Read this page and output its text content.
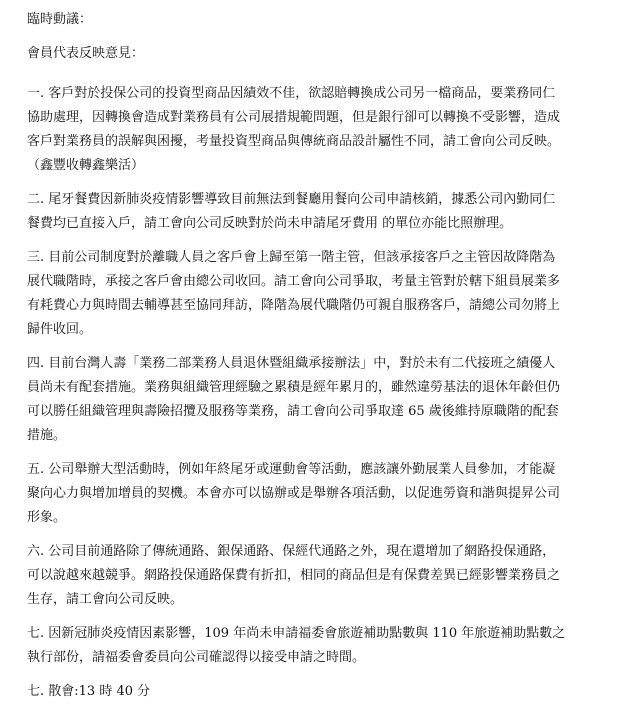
臨時動議：

會員代表反映意見：

一. 客戶對於投保公司的投資型商品因績效不佳，欲認賠轉換成公司另一檔商品，要業務同仁

協助處理，因轉換會造成對業務員有公司展措規範問題，但是銀行卻可以轉換不受影響，造成

客戶對業務員的誤解與困擾，考量投資型商品與傳統商品設計屬性不同，請工會向公司反映。

（鑫豐收轉鑫樂活）

二. 尾牙餐費因新肺炎疫情影響導致目前無法到餐廳用餐向公司申請核銷，據悉公司內勤同仁

餐費均已直接入戶，請工會向公司反映對於尚未申請尾牙費用 的單位亦能比照辦理。

三. 目前公司制度對於離職人員之客戶會上歸至第一階主管，但該承接客戶之主管因故降階為

展代職階時，承接之客戶會由總公司收回。請工會向公司爭取，考量主管對於轄下組員展業多

有耗費心力與時間去輔導甚至協同拜訪，降階為展代職階仍可親自服務客戶，請總公司勿將上

歸件收回。

四. 目前台灣人壽「業務二部業務人員退休暨組織承接辦法」中，對於未有二代接班之績優人

員尚未有配套措施。業務與組織管理經驗之累積是經年累月的，雖然違勞基法的退休年齡但仍

可以勝任組織管理與壽險招攬及服務等業務，請工會向公司爭取達 65 歲後維持原職階的配套

措施。

五. 公司舉辦大型活動時，例如年終尾牙或運動會等活動，應該讓外勤展業人員參加，才能凝

聚向心力與增加增員的契機。本會亦可以協辦或是舉辦各項活動，以促進勞資和諧與提昇公司

形象。

六. 公司目前通路除了傳統通路、銀保通路、保經代通路之外，現在還增加了網路投保通路，

可以說越來越競爭。網路投保通路保費有折扣，相同的商品但是有保費差異已經影響業務員之

生存，請工會向公司反映。

七. 因新冠肺炎疫情因素影響，109 年尚未申請福委會旅遊補助點數與 110 年旅遊補助點數之

執行部份，請福委會委員向公司確認得以接受申請之時間。

七. 散會:13 時 40 分
